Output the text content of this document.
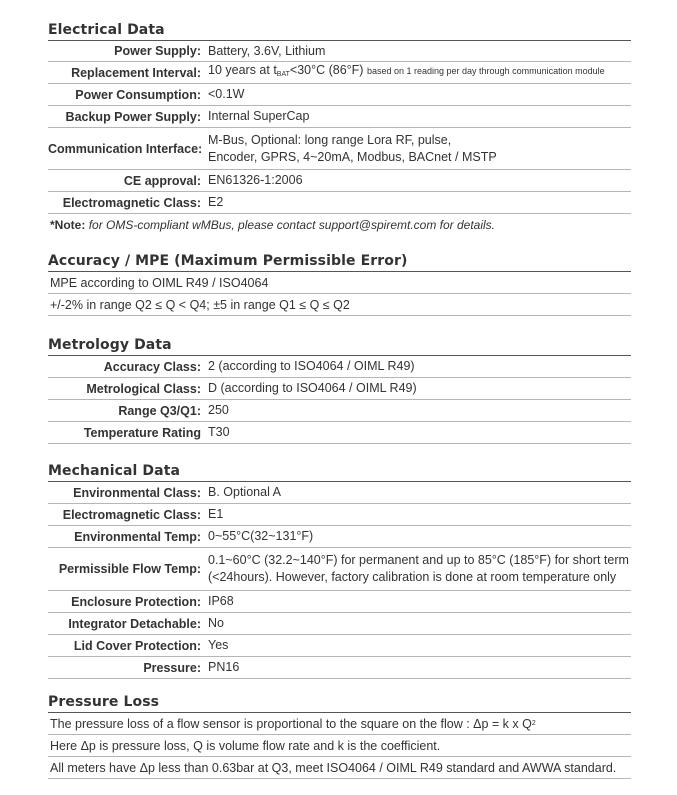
Electrical Data
Power Supply: Battery, 3.6V, Lithium
Replacement Interval: 10 years at $t_{BAT}<30^\circ C$ (86°F) based on 1 reading per day through communication module
Power Consumption: <0.1W
Backup Power Supply: Internal SuperCap
Communication Interface:
M-Bus, Optional: long range Lora RF, pulse,
Encoder, GPRS, 4~20mA, Modbus, BACnet / MSTP
CE approval: EN61326-1:2006
Electromagnetic Class: E2
*Note: for OMS-compliant wMBus, please contact support@spiremt.com for details.
Accuracy / MPE (Maximum Permissible Error)
MPE according to OIML R49 / ISO4064
+/-2% in range Q2 ≤ Q < Q4; ±5 in range Q1 ≤ Q ≤ Q2
Metrology Data
Accuracy Class: 2 (according to ISO4064 / OIML R49)
Metrological Class: D (according to ISO4064 / OIML R49)
Range Q3/Q1: 250
Temperature Rating T30
Mechanical Data
Environmental Class: B. Optional A
Electromagnetic Class: E1
Environmental Temp: 0~55°C(32~131°F)
Permissible Flow Temp:
0.1~60°C (32.2~140°F) for permanent and up to 85°C (185°F) for short term
(<24hours). However, factory calibration is done at room temperature only
Enclosure Protection: IP68
Integrator Detachable: No
Lid Cover Protection: Yes
Pressure: PN16
Pressure Loss
The pressure loss of a flow sensor is proportional to the square on the flow : Δp = k x Q 2
Here Δp is pressure loss, Q is volume flow rate and k is the coefficient.
All meters have Δp less than 0.63bar at Q3, meet ISO4064 / OIML R49 standard and AWWA standard.
